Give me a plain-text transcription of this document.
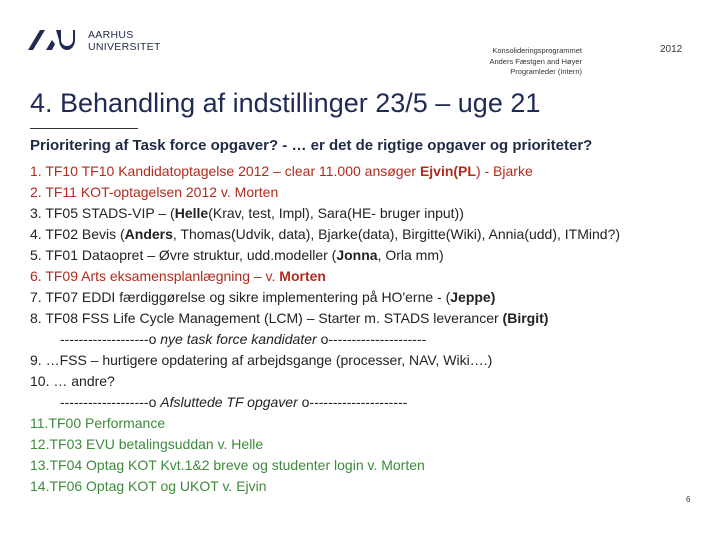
AARHUS
UNIVERSITET	Konsolideringsprogrammet
Anders Fæstgen and Høyer
Programleder (Intern)
2012
4. Behandling af indstillinger 23/5 – uge 21
Prioritering af Task force opgaver? - … er det de rigtige opgaver og prioriteter?
1. TF10 TF10 Kandidatoptagelse 2012 – clear 11.000 ansøger Ejvin(PL) - Bjarke
2. TF11 KOT-optagelsen 2012 v. Morten
3. TF05 STADS-VIP – (Helle(Krav, test, Impl), Sara(HE- bruger input))
4. TF02 Bevis (Anders, Thomas(Udvik, data), Bjarke(data), Birgitte(Wiki), Annia(udd), ITMind?)
5. TF01 Dataopret – Øvre struktur, udd.modeller (Jonna, Orla mm)
6. TF09 Arts eksamensplanlægning – v. Morten
7. TF07 EDDI færdiggørelse og sikre implementering på HO'erne - (Jeppe)
8. TF08 FSS Life Cycle Management (LCM) – Starter m. STADS leverancer (Birgit)
-------------------o nye task force kandidater o---------------------
9. …FSS – hurtigere opdatering af arbejdsgange (processer, NAV, Wiki….)
10. … andre?
-------------------o Afsluttede TF opgaver o---------------------
11.TF00 Performance
12.TF03 EVU betalingsuddan v. Helle
13.TF04 Optag KOT Kvt.1&2 breve og studenter login v. Morten
14.TF06 Optag KOT og UKOT v. Ejvin
6
